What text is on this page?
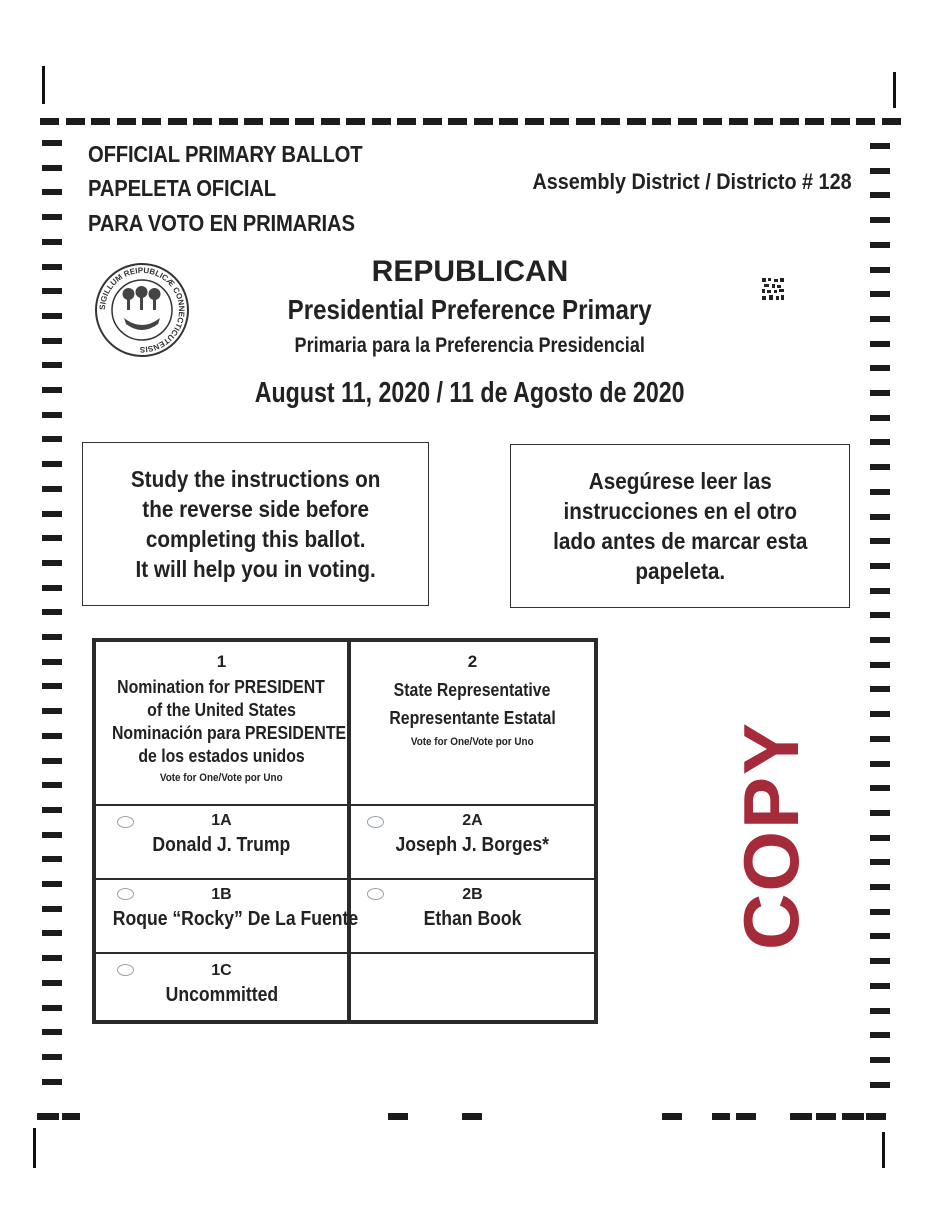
OFFICIAL PRIMARY BALLOT
PAPELETA OFICIAL
PARA VOTO EN PRIMARIAS
Assembly District / Districto # 128
SIGILLUM REIPUBLICÆ CONNECTICUTENSIS
REPUBLICAN
Presidential Preference Primary
Primaria para la Preferencia Presidencial
August 11, 2020 / 11 de Agosto de 2020

Study the instructions on
the reverse side before
completing this ballot.
It will help you in voting.

Asegúrese leer las
instrucciones en el otro
lado antes de marcar esta
papeleta.

1
Nomination for PRESIDENT
of the United States
Nominación para PRESIDENTE
de los estados unidos
Vote for One/Vote por Uno
2
State Representative
Representante Estatal
Vote for One/Vote por Uno
1A
Donald J. Trump
1B
Roque “Rocky” De La Fuente
1C
Uncommitted
2A
Joseph J. Borges*
2B
Ethan Book	COPY
